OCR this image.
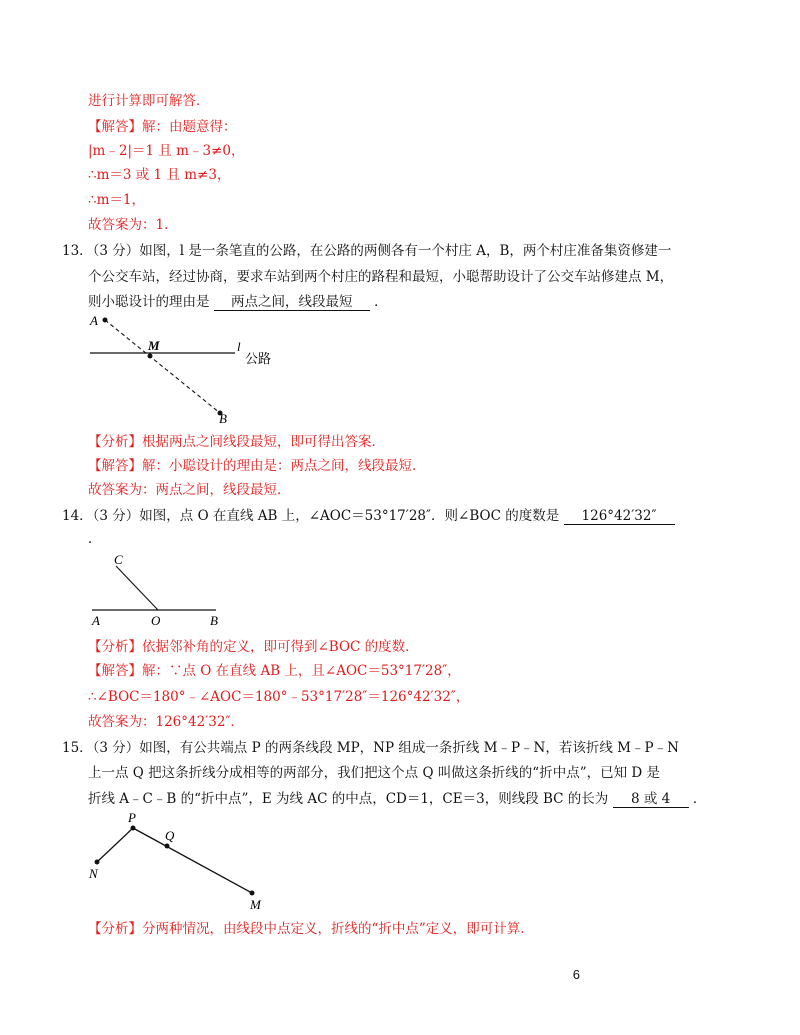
进行计算即可解答．
【解答】解：由题意得：
|m﹣2|＝1 且 m﹣3≠0，
∴m＝3 或 1 且 m≠3，
∴m＝1，
故答案为：1．
13．（3 分）如图，l 是一条笔直的公路，在公路的两侧各有一个村庄 A，B，两个村庄准备集资修建一
个公交车站，经过协商，要求车站到两个村庄的路程和最短，小聪帮助设计了公交车站修建点 M，
则小聪设计的理由是 两点之间，线段最短 ．
A
M	l
公路
B
【分析】根据两点之间线段最短，即可得出答案．
【解答】解：小聪设计的理由是：两点之间，线段最短．
故答案为：两点之间，线段最短．
14．（3 分）如图，点 O 在直线 AB 上，∠AOC＝53°17′28″．则∠BOC 的度数是 126°42′32″
．
C
A	O	B
【分析】依据邻补角的定义，即可得到∠BOC 的度数．
【解答】解：∵点 O 在直线 AB 上，且∠AOC＝53°17′28″，
∴∠BOC＝180°﹣∠AOC＝180°﹣53°17′28″＝126°42′32″，
故答案为：126°42′32″．
15．（3 分）如图，有公共端点 P 的两条线段 MP，NP 组成一条折线 M﹣P﹣N，若该折线 M﹣P﹣N
上一点 Q 把这条折线分成相等的两部分，我们把这个点 Q 叫做这条折线的“折中点”，已知 D 是
折线 A﹣C﹣B 的“折中点”，E 为线 AC 的中点，CD＝1，CE＝3，则线段 BC 的长为 8 或 4 ．
P
Q
N
M
【分析】分两种情况，由线段中点定义，折线的“折中点”定义，即可计算．
6
